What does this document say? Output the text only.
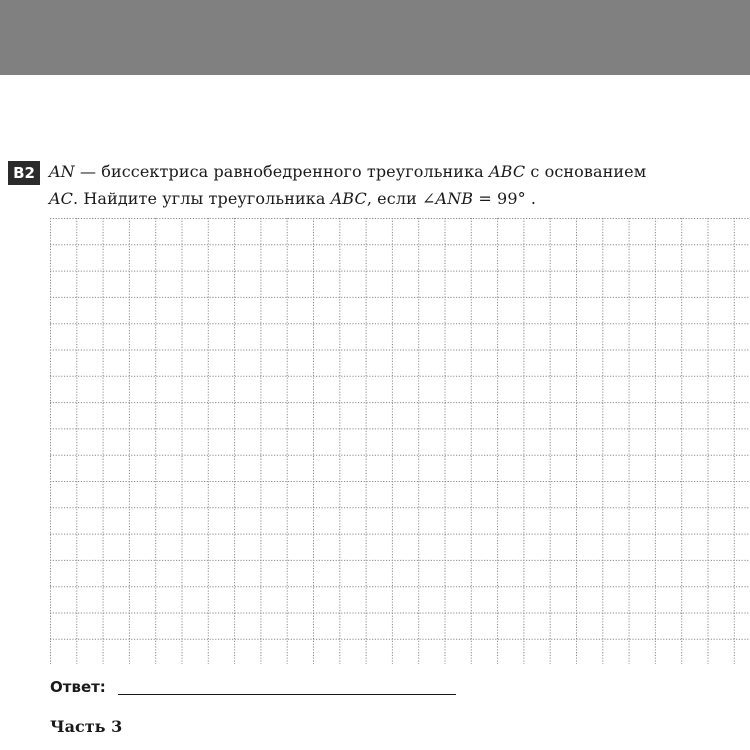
B2 AN — биссектриса равнобедренного треугольника ABC с основанием
AC. Найдите углы треугольника ABC, если ∠ANB = 99° .
Ответ:
Часть 3
